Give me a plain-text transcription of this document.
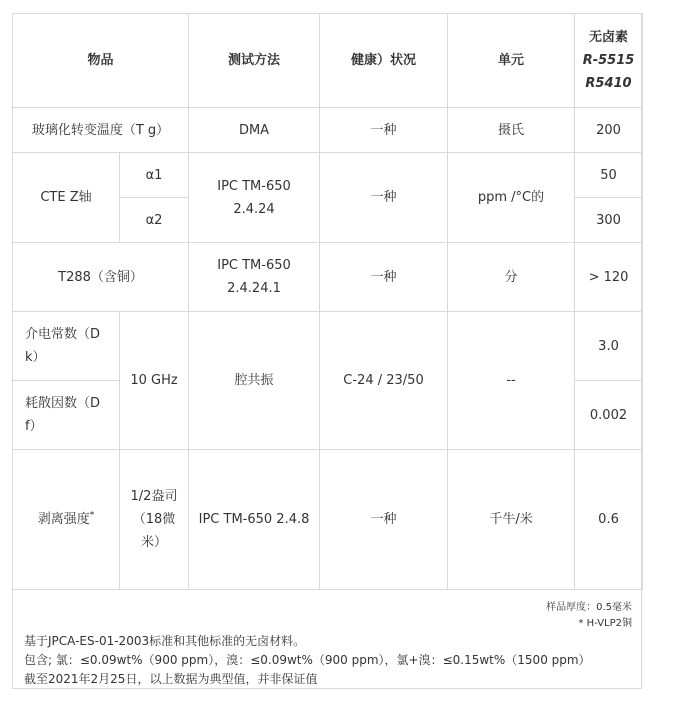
物品		测试方法	健康）状况	单元	无卤素
R-5515
R5410

玻璃化转变温度（T g）		DMA	一种	摄氏	200
CTE Z轴	α1	IPC TM-650 2.4.24	一种	ppm /°C的	50
	α2				300
T288（含铜）		IPC TM-650 2.4.24.1	一种	分	> 120
介电常数（D k）	10 GHz	腔共振	C-24 / 23/50	--	3.0
耗散因数（D f）					0.002
剥离强度*	1/2盎司（18微米）	IPC TM-650 2.4.8	一种	千牛/米	0.6
样品厚度：0.5毫米
* H-VLP2铜
基于JPCA-ES-01-2003标准和其他标准的无卤材料。
包含; 氯：≤0.09wt%（900 ppm），溴：≤0.09wt%（900 ppm），氯+溴：≤0.15wt%（1500 ppm）
截至2021年2月25日，以上数据为典型值，并非保证值
